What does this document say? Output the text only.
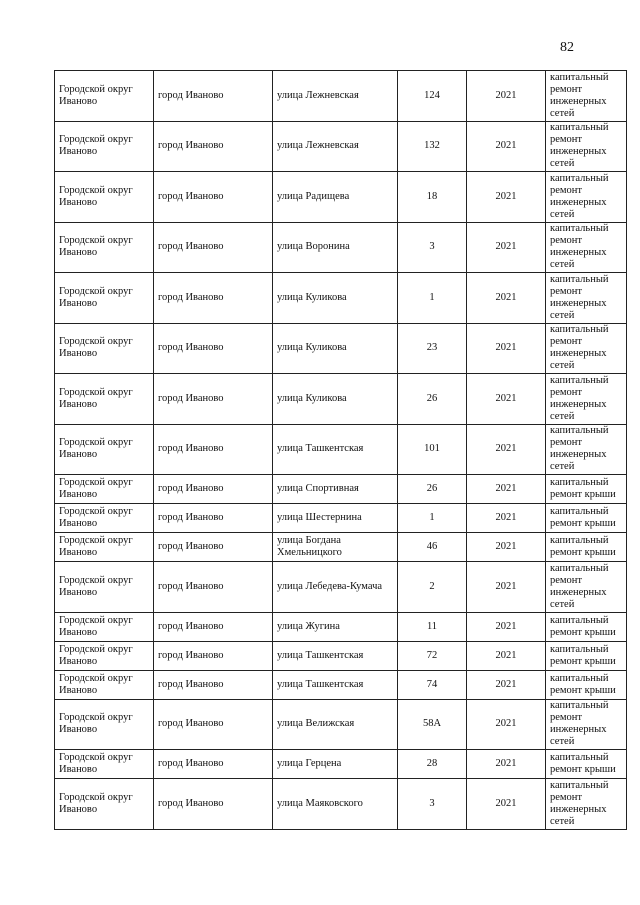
82
Городской округ Иваново	город Иваново	улица Лежневская	124	2021	капитальный ремонт инженерных сетей
Городской округ Иваново	город Иваново	улица Лежневская	132	2021	капитальный ремонт инженерных сетей
Городской округ Иваново	город Иваново	улица Радищева	18	2021	капитальный ремонт инженерных сетей
Городской округ Иваново	город Иваново	улица Воронина	3	2021	капитальный ремонт инженерных сетей
Городской округ Иваново	город Иваново	улица Куликова	1	2021	капитальный ремонт инженерных сетей
Городской округ Иваново	город Иваново	улица Куликова	23	2021	капитальный ремонт инженерных сетей
Городской округ Иваново	город Иваново	улица Куликова	26	2021	капитальный ремонт инженерных сетей
Городской округ Иваново	город Иваново	улица Ташкентская	101	2021	капитальный ремонт инженерных сетей
Городской округ Иваново	город Иваново	улица Спортивная	26	2021	капитальный ремонт крыши
Городской округ Иваново	город Иваново	улица Шестернина	1	2021	капитальный ремонт крыши
Городской округ Иваново	город Иваново	улица Богдана Хмельницкого	46	2021	капитальный ремонт крыши
Городской округ Иваново	город Иваново	улица Лебедева-Кумача	2	2021	капитальный ремонт инженерных сетей
Городской округ Иваново	город Иваново	улица Жугина	11	2021	капитальный ремонт крыши
Городской округ Иваново	город Иваново	улица Ташкентская	72	2021	капитальный ремонт крыши
Городской округ Иваново	город Иваново	улица Ташкентская	74	2021	капитальный ремонт крыши
Городской округ Иваново	город Иваново	улица Велижская	58А	2021	капитальный ремонт инженерных сетей
Городской округ Иваново	город Иваново	улица Герцена	28	2021	капитальный ремонт крыши
Городской округ Иваново	город Иваново	улица Маяковского	3	2021	капитальный ремонт инженерных сетей
